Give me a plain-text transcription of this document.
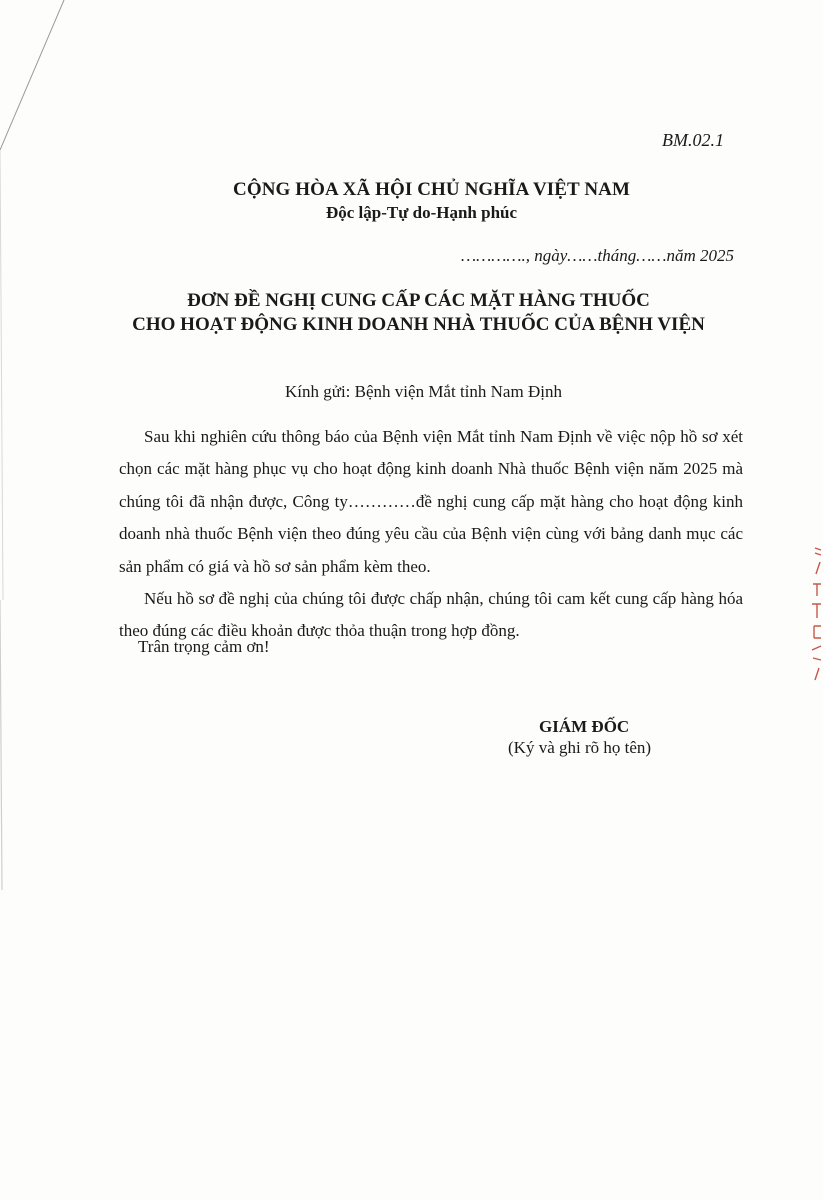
BM.02.1
CỘNG HÒA XÃ HỘI CHỦ NGHĨA VIỆT NAM
Độc lập-Tự do-Hạnh phúc
…………., ngày……tháng……năm 2025
ĐƠN ĐỀ NGHỊ CUNG CẤP CÁC MẶT HÀNG THUỐC
CHO HOẠT ĐỘNG KINH DOANH NHÀ THUỐC CỦA BỆNH VIỆN
Kính gửi: Bệnh viện Mắt tỉnh Nam Định

Sau khi nghiên cứu thông báo của Bệnh viện Mắt tỉnh Nam Định về việc nộp hồ sơ xét chọn các mặt hàng phục vụ cho hoạt động kinh doanh Nhà thuốc Bệnh viện năm 2025 mà chúng tôi đã nhận được, Công ty…………đề nghị cung cấp mặt hàng cho hoạt động kinh doanh nhà thuốc Bệnh viện theo đúng yêu cầu của Bệnh viện cùng với bảng danh mục các sản phẩm có giá và hồ sơ sản phẩm kèm theo.

Nếu hồ sơ đề nghị của chúng tôi được chấp nhận, chúng tôi cam kết cung cấp hàng hóa theo đúng các điều khoản được thỏa thuận trong hợp đồng.

Trân trọng cảm ơn!
GIÁM ĐỐC
(Ký và ghi rõ họ tên)
